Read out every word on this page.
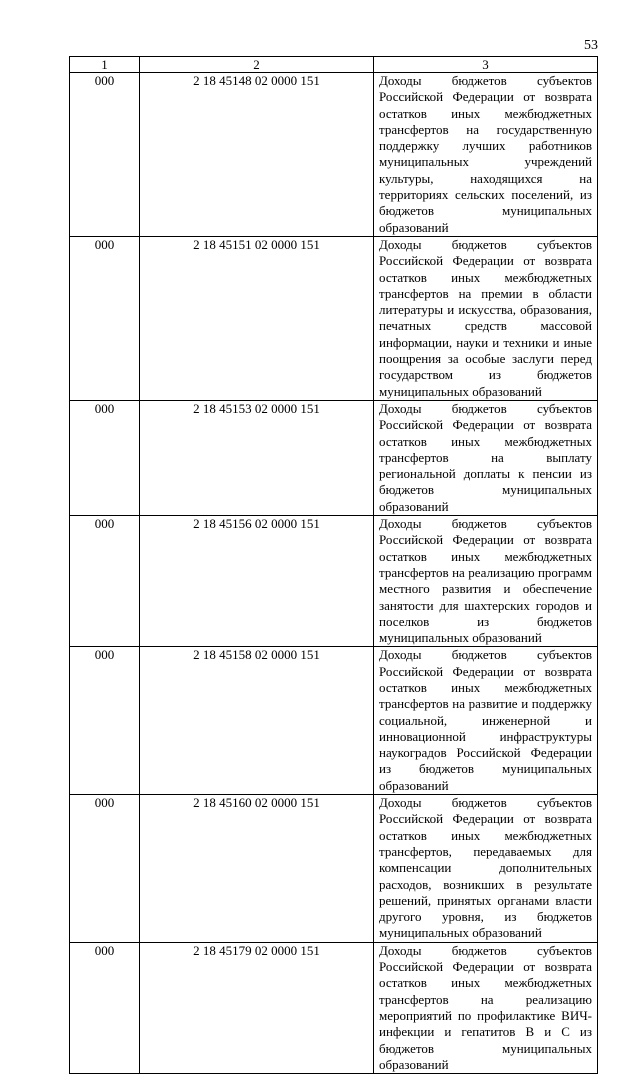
53
1	2	3
000	2 18 45148 02 0000 151	Доходы бюджетов субъектов Российской Федерации от возврата остатков иных межбюджетных трансфертов на государственную поддержку лучших работников муниципальных учреждений культуры, находящихся на территориях сельских поселений, из бюджетов муниципальных образований
000	2 18 45151 02 0000 151	Доходы бюджетов субъектов Российской Федерации от возврата остатков иных межбюджетных трансфертов на премии в области литературы и искусства, образования, печатных средств массовой информации, науки и техники и иные поощрения за особые заслуги перед государством из бюджетов муниципальных образований
000	2 18 45153 02 0000 151	Доходы бюджетов субъектов Российской Федерации от возврата остатков иных межбюджетных трансфертов на выплату региональной доплаты к пенсии из бюджетов муниципальных образований
000	2 18 45156 02 0000 151	Доходы бюджетов субъектов Российской Федерации от возврата остатков иных межбюджетных трансфертов на реализацию программ местного развития и обеспечение занятости для шахтерских городов и поселков из бюджетов муниципальных образований
000	2 18 45158 02 0000 151	Доходы бюджетов субъектов Российской Федерации от возврата остатков иных межбюджетных трансфертов на развитие и поддержку социальной, инженерной и инновационной инфраструктуры наукоградов Российской Федерации из бюджетов муниципальных образований
000	2 18 45160 02 0000 151	Доходы бюджетов субъектов Российской Федерации от возврата остатков иных межбюджетных трансфертов, передаваемых для компенсации дополнительных расходов, возникших в результате решений, принятых органами власти другого уровня, из бюджетов муниципальных образований
000	2 18 45179 02 0000 151	Доходы бюджетов субъектов Российской Федерации от возврата остатков иных межбюджетных трансфертов на реализацию мероприятий по профилактике ВИЧ-инфекции и гепатитов B и C из бюджетов муниципальных образований
